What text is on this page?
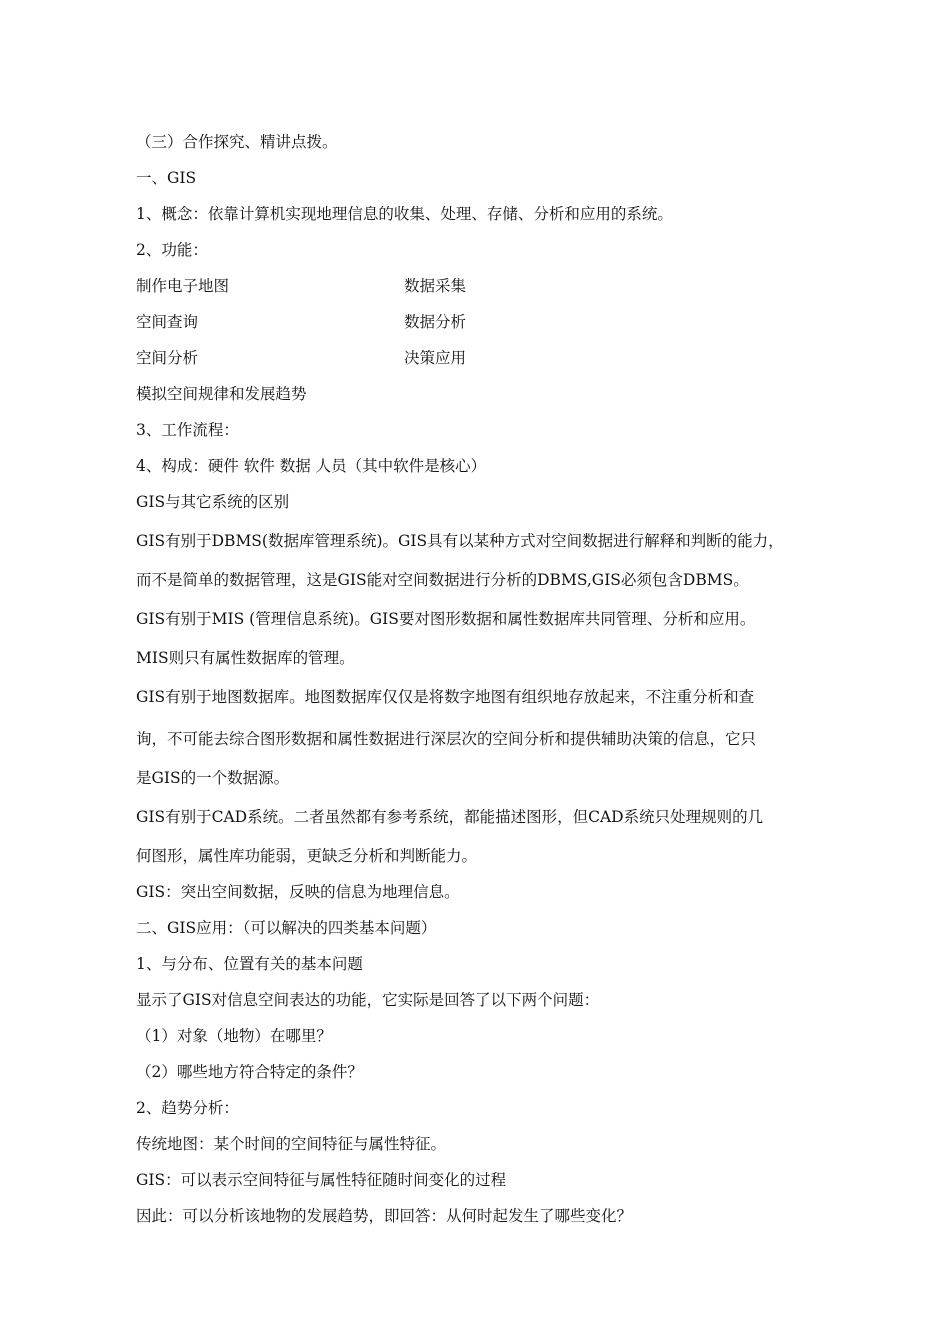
（三）合作探究、精讲点拨。
一、GIS
1、概念：依靠计算机实现地理信息的收集、处理、存储、分析和应用的系统。
2、功能：
制作电子地图	数据采集
空间查询	数据分析
空间分析	决策应用
模拟空间规律和发展趋势
3、工作流程：
4、构成：硬件 软件 数据 人员（其中软件是核心）
GIS与其它系统的区别
GIS有别于DBMS(数据库管理系统)。GIS具有以某种方式对空间数据进行解释和判断的能力，
而不是简单的数据管理，这是GIS能对空间数据进行分析的DBMS,GIS必须包含DBMS。
GIS有别于MIS (管理信息系统)。GIS要对图形数据和属性数据库共同管理、分析和应用。
MIS则只有属性数据库的管理。
GIS有别于地图数据库。地图数据库仅仅是将数字地图有组织地存放起来，不注重分析和查
询，不可能去综合图形数据和属性数据进行深层次的空间分析和提供辅助决策的信息，它只
是GIS的一个数据源。
GIS有别于CAD系统。二者虽然都有参考系统，都能描述图形，但CAD系统只处理规则的几
何图形，属性库功能弱，更缺乏分析和判断能力。
GIS：突出空间数据，反映的信息为地理信息。
二、GIS应用：（可以解决的四类基本问题）
1、与分布、位置有关的基本问题
显示了GIS对信息空间表达的功能，它实际是回答了以下两个问题：
（1）对象（地物）在哪里？
（2）哪些地方符合特定的条件？
2、趋势分析：
传统地图：某个时间的空间特征与属性特征。
GIS：可以表示空间特征与属性特征随时间变化的过程
因此：可以分析该地物的发展趋势，即回答：从何时起发生了哪些变化？
